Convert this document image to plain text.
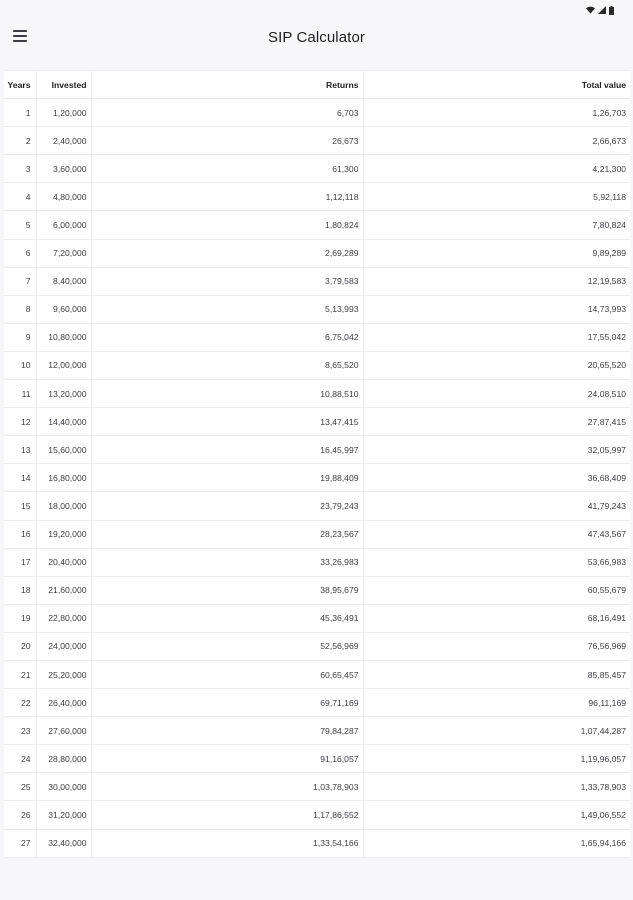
SIP Calculator
Years	Invested	Returns	Total value
1	1,20,000	6,703	1,26,703
2	2,40,000	26,673	2,66,673
3	3,60,000	61,300	4,21,300
4	4,80,000	1,12,118	5,92,118
5	6,00,000	1,80,824	7,80,824
6	7,20,000	2,69,289	9,89,289
7	8,40,000	3,79,583	12,19,583
8	9,60,000	5,13,993	14,73,993
9	10,80,000	6,75,042	17,55,042
10	12,00,000	8,65,520	20,65,520
11	13,20,000	10,88,510	24,08,510
12	14,40,000	13,47,415	27,87,415
13	15,60,000	16,45,997	32,05,997
14	16,80,000	19,88,409	36,68,409
15	18,00,000	23,79,243	41,79,243
16	19,20,000	28,23,567	47,43,567
17	20,40,000	33,26,983	53,66,983
18	21,60,000	38,95,679	60,55,679
19	22,80,000	45,36,491	68,16,491
20	24,00,000	52,56,969	76,56,969
21	25,20,000	60,65,457	85,85,457
22	26,40,000	69,71,169	96,11,169
23	27,60,000	79,84,287	1,07,44,287
24	28,80,000	91,16,057	1,19,96,057
25	30,00,000	1,03,78,903	1,33,78,903
26	31,20,000	1,17,86,552	1,49,06,552
27	32,40,000	1,33,54,166	1,65,94,166
